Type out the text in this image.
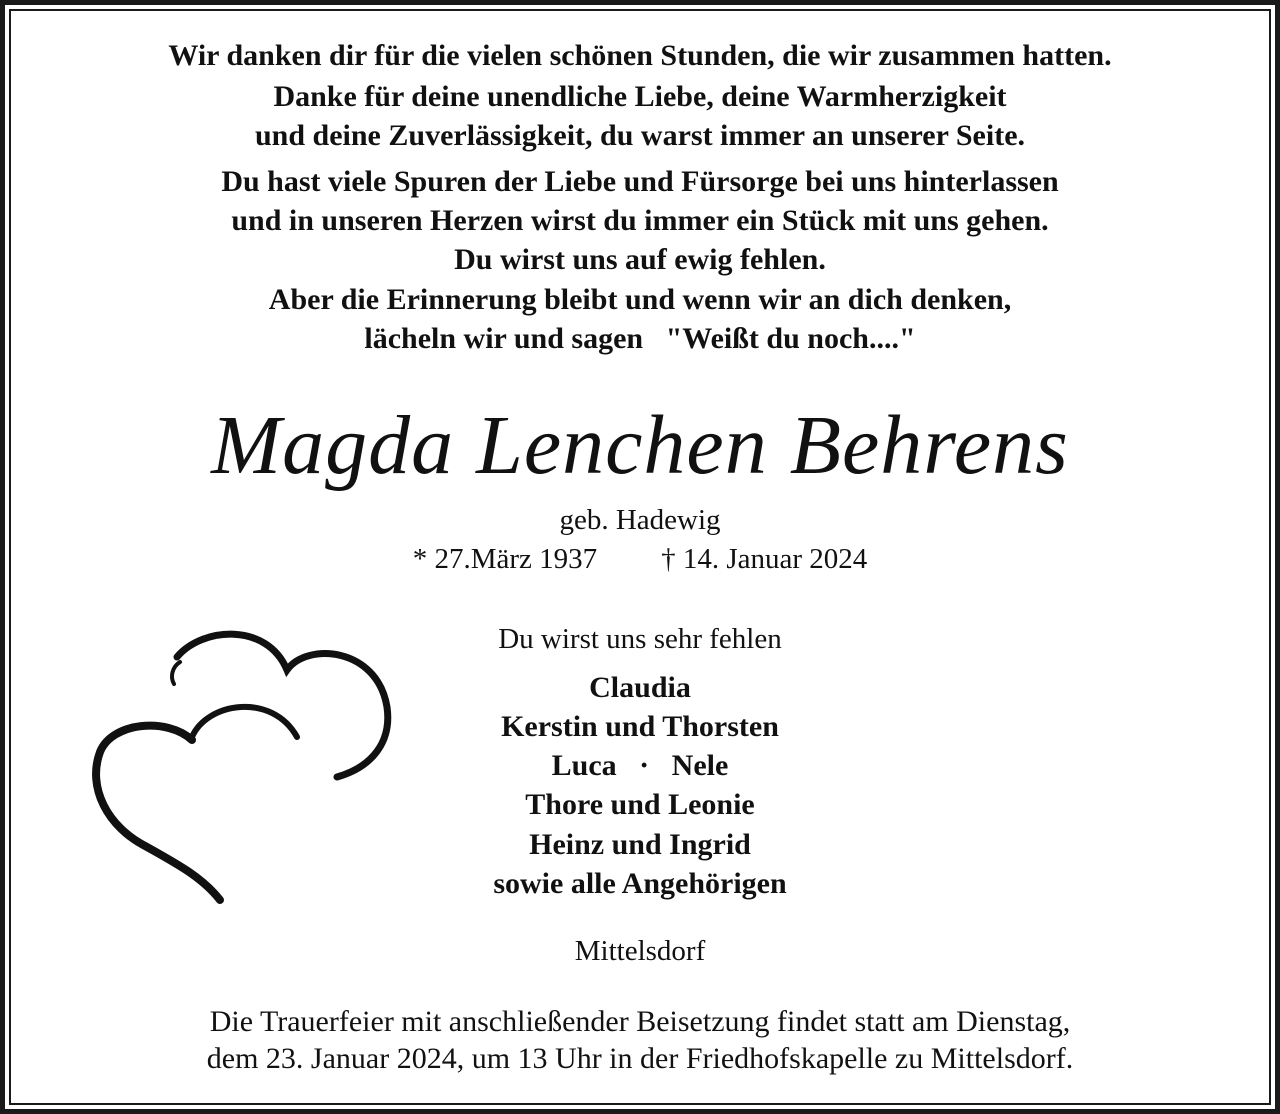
Wir danken dir für die vielen schönen Stunden, die wir zusammen hatten.
Danke für deine unendliche Liebe, deine Warmherzigkeit
und deine Zuverlässigkeit, du warst immer an unserer Seite.
Du hast viele Spuren der Liebe und Fürsorge bei uns hinterlassen
und in unseren Herzen wirst du immer ein Stück mit uns gehen.
Du wirst uns auf ewig fehlen.
Aber die Erinnerung bleibt und wenn wir an dich denken,
lächeln wir und sagen   "Weißt du noch...."
Magda Lenchen Behrens
geb. Hadewig
* 27.März 1937 † 14. Januar 2024
Du wirst uns sehr fehlen
Claudia
Kerstin und Thorsten
Luca   ·   Nele
Thore und Leonie
Heinz und Ingrid
sowie alle Angehörigen
Mittelsdorf
Die Trauerfeier mit anschließender Beisetzung findet statt am Dienstag,
dem 23. Januar 2024, um 13 Uhr in der Friedhofskapelle zu Mittelsdorf.
